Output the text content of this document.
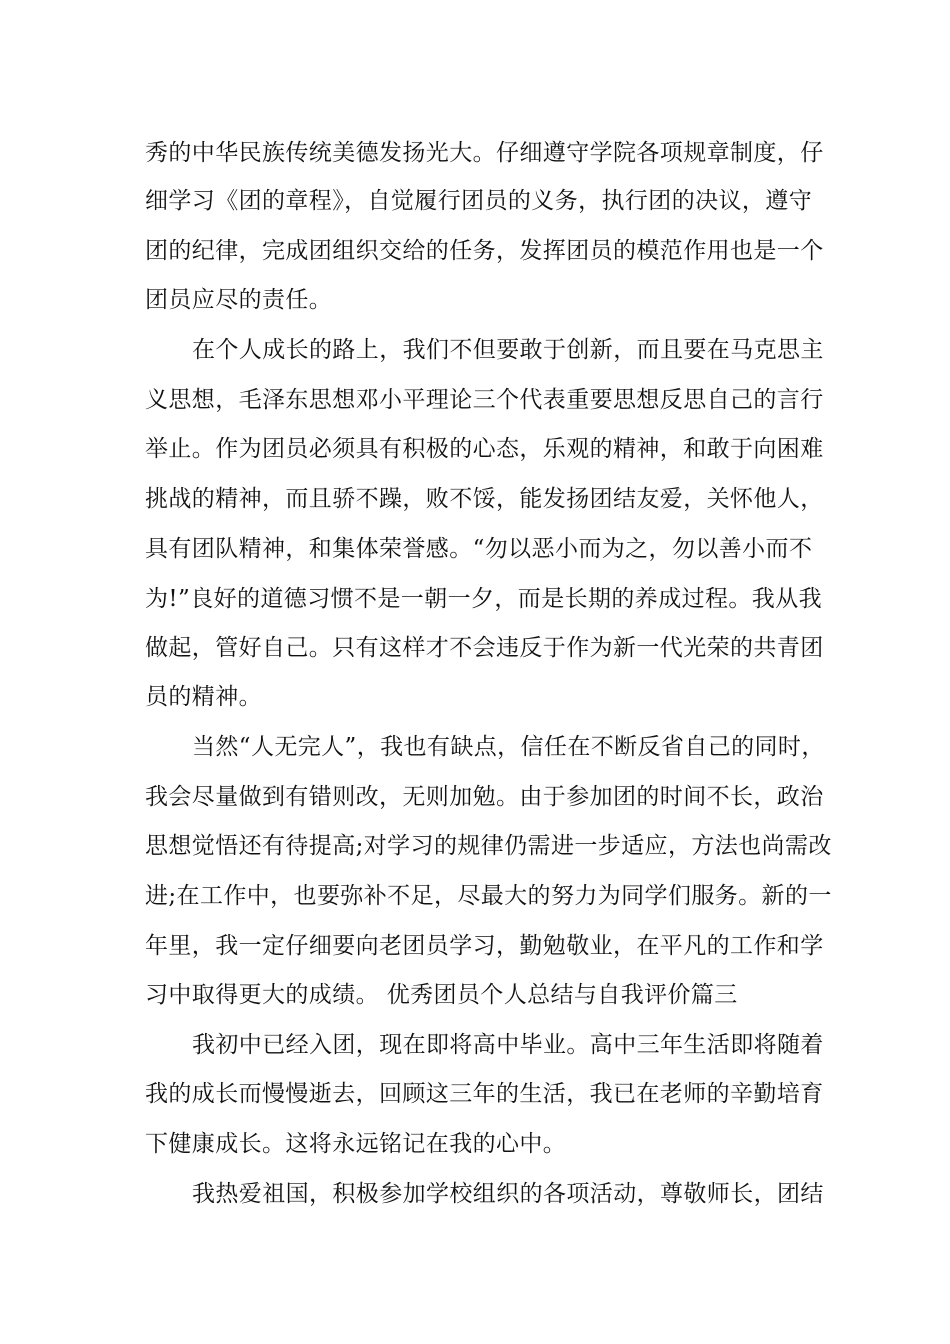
秀的中华民族传统美德发扬光大。仔细遵守学院各项规章制度，仔
细学习《团的章程》，自觉履行团员的义务，执行团的决议，遵守
团的纪律，完成团组织交给的任务，发挥团员的模范作用也是一个
团员应尽的责任。
在个人成长的路上，我们不但要敢于创新，而且要在马克思主
义思想，毛泽东思想邓小平理论三个代表重要思想反思自己的言行
举止。作为团员必须具有积极的心态，乐观的精神，和敢于向困难
挑战的精神，而且骄不躁，败不馁，能发扬团结友爱，关怀他人，
具有团队精神，和集体荣誉感。“勿以恶小而为之，勿以善小而不
为!”良好的道德习惯不是一朝一夕，而是长期的养成过程。我从我
做起，管好自己。只有这样才不会违反于作为新一代光荣的共青团
员的精神。
当然“人无完人”，我也有缺点，信任在不断反省自己的同时，
我会尽量做到有错则改，无则加勉。由于参加团的时间不长，政治
思想觉悟还有待提高;对学习的规律仍需进一步适应，方法也尚需改
进;在工作中，也要弥补不足，尽最大的努力为同学们服务。新的一
年里，我一定仔细要向老团员学习，勤勉敬业，在平凡的工作和学
习中取得更大的成绩。 优秀团员个人总结与自我评价篇三
我初中已经入团，现在即将高中毕业。高中三年生活即将随着
我的成长而慢慢逝去，回顾这三年的生活，我已在老师的辛勤培育
下健康成长。这将永远铭记在我的心中。
我热爱祖国，积极参加学校组织的各项活动，尊敬师长，团结
